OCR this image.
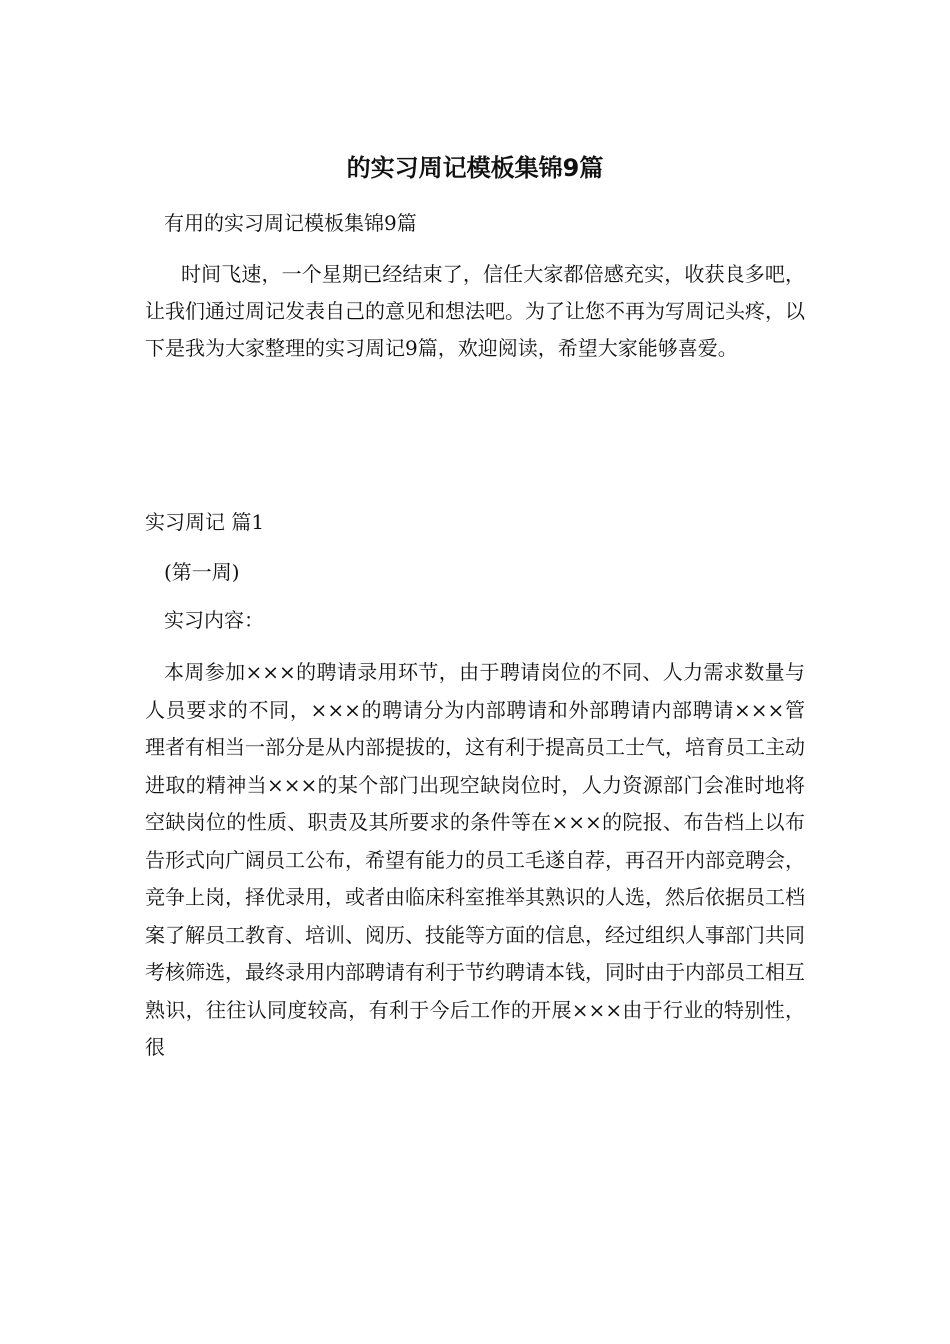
的实习周记模板集锦9篇

有用的实习周记模板集锦9篇

时间飞速，一个星期已经结束了，信任大家都倍感充实，收获良多吧，让我们通过周记发表自己的意见和想法吧。为了让您不再为写周记头疼，以下是我为大家整理的实习周记9篇，欢迎阅读，希望大家能够喜爱。

实习周记 篇1

(第一周)

实习内容：

本周参加×××的聘请录用环节，由于聘请岗位的不同、人力需求数量与人员要求的不同，×××的聘请分为内部聘请和外部聘请内部聘请×××管理者有相当一部分是从内部提拔的，这有利于提高员工士气，培育员工主动进取的精神当×××的某个部门出现空缺岗位时，人力资源部门会准时地将空缺岗位的性质、职责及其所要求的条件等在×××的院报、布告档上以布告形式向广阔员工公布，希望有能力的员工毛遂自荐，再召开内部竞聘会，竞争上岗，择优录用，或者由临床科室推举其熟识的人选，然后依据员工档案了解员工教育、培训、阅历、技能等方面的信息，经过组织人事部门共同考核筛选，最终录用内部聘请有利于节约聘请本钱，同时由于内部员工相互熟识，往往认同度较高，有利于今后工作的开展×××由于行业的特别性，很
